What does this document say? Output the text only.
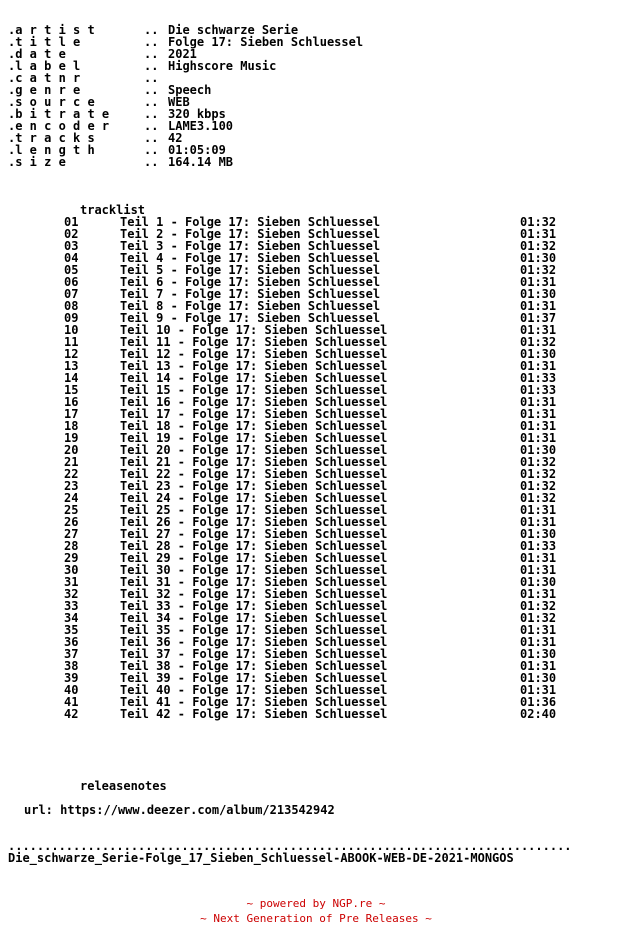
.a r t i s t	.. Die schwarze Serie
.t i t l e	.. Folge 17: Sieben Schluessel
.d a t e	.. 2021
.l a b e l	.. Highscore Music
.c a t n r	..
.g e n r e	.. Speech
.s o u r c e	.. WEB
.b i t r a t e	.. 320 kbps
.e n c o d e r	.. LAME3.100
.t r a c k s	.. 42
.l e n g t h	.. 01:05:09
.s i z e	.. 164.14 MB

tracklist

01	Teil 1 - Folge 17: Sieben Schluessel	01:32
02	Teil 2 - Folge 17: Sieben Schluessel	01:31
03	Teil 3 - Folge 17: Sieben Schluessel	01:32
04	Teil 4 - Folge 17: Sieben Schluessel	01:30
05	Teil 5 - Folge 17: Sieben Schluessel	01:32
06	Teil 6 - Folge 17: Sieben Schluessel	01:31
07	Teil 7 - Folge 17: Sieben Schluessel	01:30
08	Teil 8 - Folge 17: Sieben Schluessel	01:31
09	Teil 9 - Folge 17: Sieben Schluessel	01:37
10	Teil 10 - Folge 17: Sieben Schluessel	01:31
11	Teil 11 - Folge 17: Sieben Schluessel	01:32
12	Teil 12 - Folge 17: Sieben Schluessel	01:30
13	Teil 13 - Folge 17: Sieben Schluessel	01:31
14	Teil 14 - Folge 17: Sieben Schluessel	01:33
15	Teil 15 - Folge 17: Sieben Schluessel	01:33
16	Teil 16 - Folge 17: Sieben Schluessel	01:31
17	Teil 17 - Folge 17: Sieben Schluessel	01:31
18	Teil 18 - Folge 17: Sieben Schluessel	01:31
19	Teil 19 - Folge 17: Sieben Schluessel	01:31
20	Teil 20 - Folge 17: Sieben Schluessel	01:30
21	Teil 21 - Folge 17: Sieben Schluessel	01:32
22	Teil 22 - Folge 17: Sieben Schluessel	01:32
23	Teil 23 - Folge 17: Sieben Schluessel	01:32
24	Teil 24 - Folge 17: Sieben Schluessel	01:32
25	Teil 25 - Folge 17: Sieben Schluessel	01:31
26	Teil 26 - Folge 17: Sieben Schluessel	01:31
27	Teil 27 - Folge 17: Sieben Schluessel	01:30
28	Teil 28 - Folge 17: Sieben Schluessel	01:33
29	Teil 29 - Folge 17: Sieben Schluessel	01:31
30	Teil 30 - Folge 17: Sieben Schluessel	01:31
31	Teil 31 - Folge 17: Sieben Schluessel	01:30
32	Teil 32 - Folge 17: Sieben Schluessel	01:31
33	Teil 33 - Folge 17: Sieben Schluessel	01:32
34	Teil 34 - Folge 17: Sieben Schluessel	01:32
35	Teil 35 - Folge 17: Sieben Schluessel	01:31
36	Teil 36 - Folge 17: Sieben Schluessel	01:31
37	Teil 37 - Folge 17: Sieben Schluessel	01:30
38	Teil 38 - Folge 17: Sieben Schluessel	01:31
39	Teil 39 - Folge 17: Sieben Schluessel	01:30
40	Teil 40 - Folge 17: Sieben Schluessel	01:31
41	Teil 41 - Folge 17: Sieben Schluessel	01:36
42	Teil 42 - Folge 17: Sieben Schluessel	02:40

releasenotes

url: https://www.deezer.com/album/213542942

..............................................................................
Die_schwarze_Serie-Folge_17_Sieben_Schluessel-ABOOK-WEB-DE-2021-MONGOS
~ powered by NGP.re ~
~ Next Generation of Pre Releases ~
